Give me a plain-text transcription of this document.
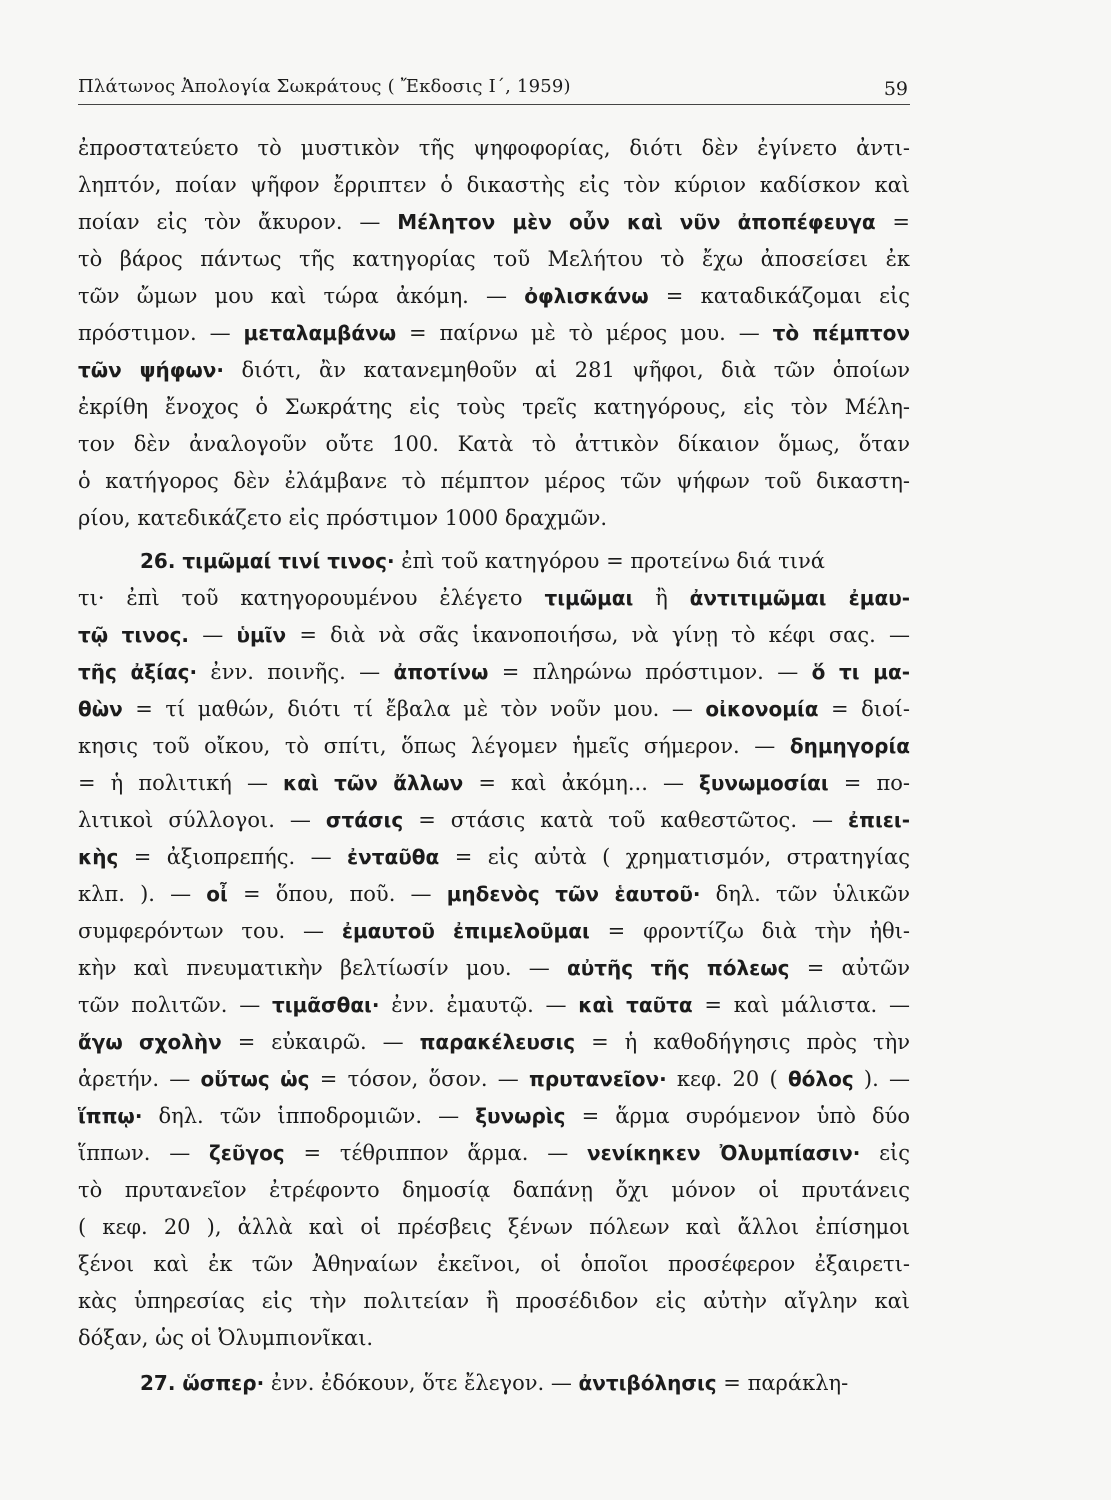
Πλάτωνος Ἀπολογία Σωκράτους ( Ἔκδοσις Ι΄, 1959)	59
ἐπροστατεύετο τὸ μυστικὸν τῆς ψηφοφορίας, διότι δὲν ἐγίνετο ἀντι-
ληπτόν, ποίαν ψῆφον ἔρριπτεν ὁ δικαστὴς εἰς τὸν κύριον καδίσκον καὶ
ποίαν εἰς τὸν ἄκυρον. — Μέλητον μὲν οὖν καὶ νῦν ἀποπέφευγα =
τὸ βάρος πάντως τῆς κατηγορίας τοῦ Μελήτου τὸ ἔχω ἀποσείσει ἐκ
τῶν ὤμων μου καὶ τώρα ἀκόμη. — ὀφλισκάνω = καταδικάζομαι εἰς
πρόστιμον. — μεταλαμβάνω = παίρνω μὲ τὸ μέρος μου. — τὸ πέμπτον
τῶν ψήφων· διότι, ἂν κατανεμηθοῦν αἱ 281 ψῆφοι, διὰ τῶν ὁποίων
ἐκρίθη ἔνοχος ὁ Σωκράτης εἰς τοὺς τρεῖς κατηγόρους, εἰς τὸν Μέλη-
τον δὲν ἀναλογοῦν οὔτε 100. Κατὰ τὸ ἀττικὸν δίκαιον ὅμως, ὅταν
ὁ κατήγορος δὲν ἐλάμβανε τὸ πέμπτον μέρος τῶν ψήφων τοῦ δικαστη-
ρίου, κατεδικάζετο εἰς πρόστιμον 1000 δραχμῶν.
26. τιμῶμαί τινί τινος· ἐπὶ τοῦ κατηγόρου = προτείνω διά τινά
τι· ἐπὶ τοῦ κατηγορουμένου ἐλέγετο τιμῶμαι ἢ ἀντιτιμῶμαι ἐμαυ-
τῷ τινος. — ὑμῖν = διὰ νὰ σᾶς ἱκανοποιήσω, νὰ γίνῃ τὸ κέφι σας. —
τῆς ἀξίας· ἐνν. ποινῆς. — ἀποτίνω = πληρώνω πρόστιμον. — ὅ τι μα-
θὼν = τί μαθών, διότι τί ἔβαλα μὲ τὸν νοῦν μου. — οἰκονομία = διοί-
κησις τοῦ οἴκου, τὸ σπίτι, ὅπως λέγομεν ἡμεῖς σήμερον. — δημηγορία
= ἡ πολιτική — καὶ τῶν ἄλλων = καὶ ἀκόμη... — ξυνωμοσίαι = πο-
λιτικοὶ σύλλογοι. — στάσις = στάσις κατὰ τοῦ καθεστῶτος. — ἐπιει-
κὴς = ἀξιοπρεπής. — ἐνταῦθα = εἰς αὐτὰ ( χρηματισμόν, στρατηγίας
κλπ. ). — οἶ = ὅπου, ποῦ. — μηδενὸς τῶν ἑαυτοῦ· δηλ. τῶν ὑλικῶν
συμφερόντων του. — ἐμαυτοῦ ἐπιμελοῦμαι = φροντίζω διὰ τὴν ἠθι-
κὴν καὶ πνευματικὴν βελτίωσίν μου. — αὐτῆς τῆς πόλεως = αὐτῶν
τῶν πολιτῶν. — τιμᾶσθαι· ἐνν. ἐμαυτῷ. — καὶ ταῦτα = καὶ μάλιστα. —
ἄγω σχολὴν = εὐκαιρῶ. — παρακέλευσις = ἡ καθοδήγησις πρὸς τὴν
ἀρετήν. — οὕτως ὡς = τόσον, ὅσον. — πρυτανεῖον· κεφ. 20 ( θόλος ). —
ἵππῳ· δηλ. τῶν ἱπποδρομιῶν. — ξυνωρὶς = ἅρμα συρόμενον ὑπὸ δύο
ἵππων. — ζεῦγος = τέθριππον ἅρμα. — νενίκηκεν Ὀλυμπίασιν· εἰς
τὸ πρυτανεῖον ἐτρέφοντο δημοσίᾳ δαπάνῃ ὄχι μόνον οἱ πρυτάνεις
( κεφ. 20 ), ἀλλὰ καὶ οἱ πρέσβεις ξένων πόλεων καὶ ἄλλοι ἐπίσημοι
ξένοι καὶ ἐκ τῶν Ἀθηναίων ἐκεῖνοι, οἱ ὁποῖοι προσέφερον ἐξαιρετι-
κὰς ὑπηρεσίας εἰς τὴν πολιτείαν ἢ προσέδιδον εἰς αὐτὴν αἴγλην καὶ
δόξαν, ὡς οἱ Ὀλυμπιονῖκαι.
27. ὥσπερ· ἐνν. ἐδόκουν, ὅτε ἔλεγον. — ἀντιβόλησις = παράκλη-
